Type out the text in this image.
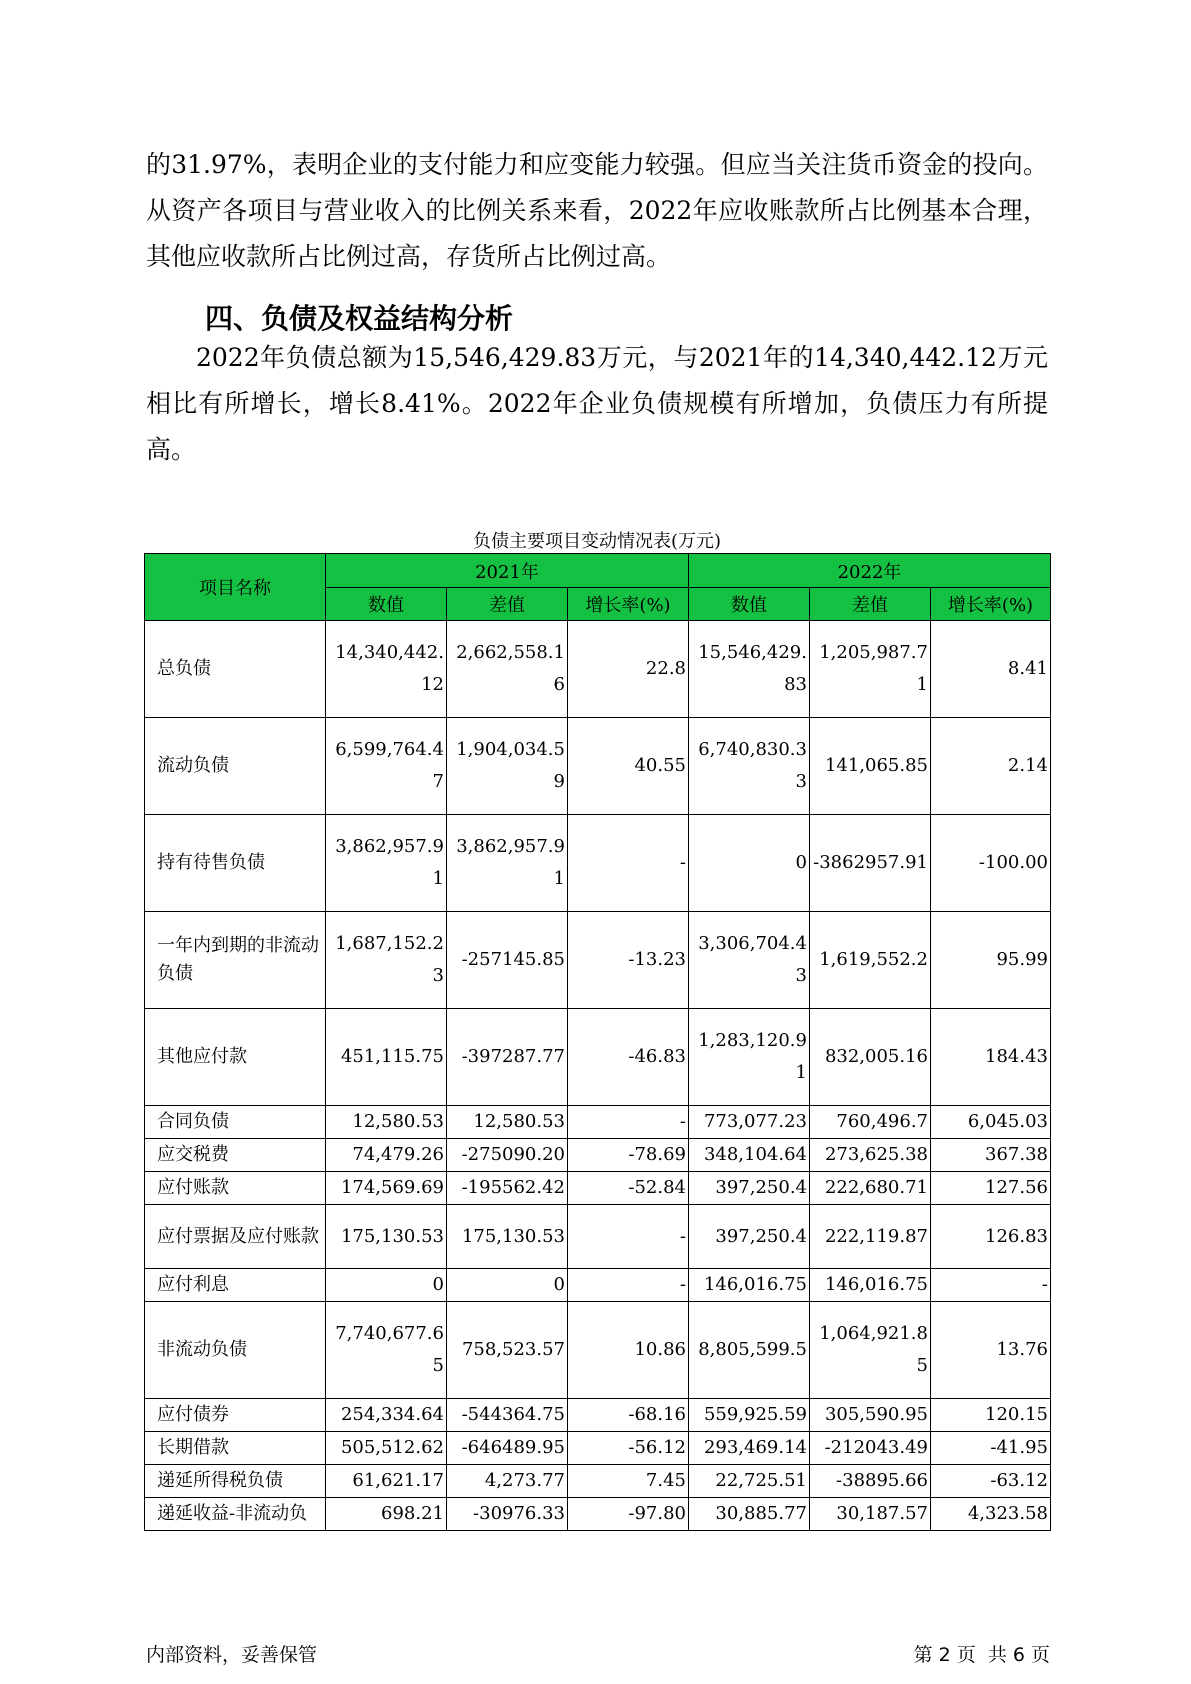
的31.97%，表明企业的支付能力和应变能力较强。但应当关注货币资金的投向。从资产各项目与营业收入的比例关系来看，2022年应收账款所占比例基本合理，其他应收款所占比例过高，存货所占比例过高。

四、负债及权益结构分析

2022年负债总额为15,546,429.83万元，与2021年的14,340,442.12万元相比有所增长，增长8.41%。2022年企业负债规模有所增加，负债压力有所提高。

负债主要项目变动情况表(万元)

项目名称	2021年			2022年		
	数值	差值	增长率(%)	数值	差值	增长率(%)
总负债	14,340,442.12	2,662,558.16	22.8	15,546,429.83	1,205,987.71	8.41
流动负债	6,599,764.47	1,904,034.59	40.55	6,740,830.33	141,065.85	2.14
持有待售负债	3,862,957.91	3,862,957.91	-	0	-3862957.91	-100.00
一年内到期的非流动负债	1,687,152.23	-257145.85	-13.23	3,306,704.43	1,619,552.2	95.99
其他应付款	451,115.75	-397287.77	-46.83	1,283,120.91	832,005.16	184.43
合同负债	12,580.53	12,580.53	-	773,077.23	760,496.7	6,045.03
应交税费	74,479.26	-275090.20	-78.69	348,104.64	273,625.38	367.38
应付账款	174,569.69	-195562.42	-52.84	397,250.4	222,680.71	127.56
应付票据及应付账款	175,130.53	175,130.53	-	397,250.4	222,119.87	126.83
应付利息	0	0	-	146,016.75	146,016.75	-
非流动负债	7,740,677.65	758,523.57	10.86	8,805,599.5	1,064,921.85	13.76
应付债券	254,334.64	-544364.75	-68.16	559,925.59	305,590.95	120.15
长期借款	505,512.62	-646489.95	-56.12	293,469.14	-212043.49	-41.95
递延所得税负债	61,621.17	4,273.77	7.45	22,725.51	-38895.66	-63.12
递延收益-非流动负	698.21	-30976.33	-97.80	30,885.77	30,187.57	4,323.58

内部资料，妥善保管	第 2 页  共 6 页
